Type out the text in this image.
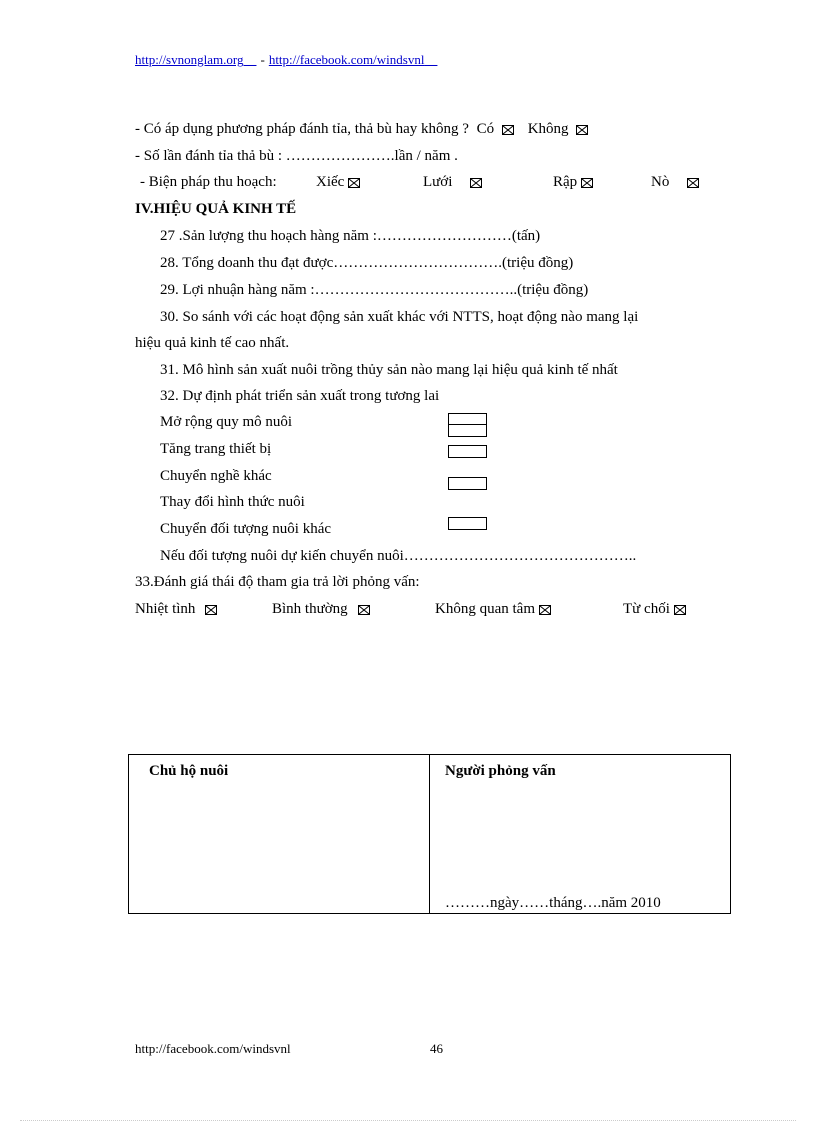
http://svnonglam.org - http://facebook.com/windsvnl
- Có áp dụng phương pháp đánh tỉa, thả bù hay không ? Có Không
- Số lần đánh tỉa thả bù : ………………….lần / năm .
- Biện pháp thu hoạch:	Xiếc	Lưới	Rập	Nò
IV.HIỆU QUẢ KINH TẾ
27 .Sản lượng thu hoạch hàng năm :………………………(tấn)
28. Tổng doanh thu đạt được…………………………….(triệu đồng)
29. Lợi nhuận hàng năm :…………………………………..(triệu đồng)
30. So sánh với các hoạt động sản xuất khác với NTTS, hoạt động nào mang lại
hiệu quả kinh tế cao nhất.
31. Mô hình sản xuất nuôi trồng thủy sản nào mang lại hiệu quả kinh tế nhất
32. Dự định phát triển sản xuất trong tương lai
Mở rộng quy mô nuôi
Tăng trang thiết bị
Chuyển nghề khác
Thay đổi hình thức nuôi
Chuyển đối tượng nuôi khác
Nếu đối tượng nuôi dự kiến chuyển nuôi………………………………………..
33.Đánh giá thái độ tham gia trả lời phỏng vấn:
Nhiệt tình	Bình thường	Không quan tâm	Từ chối
Chủ hộ nuôi	Người phỏng vấn
………ngày……tháng….năm 2010
http://facebook.com/windsvnl	46
